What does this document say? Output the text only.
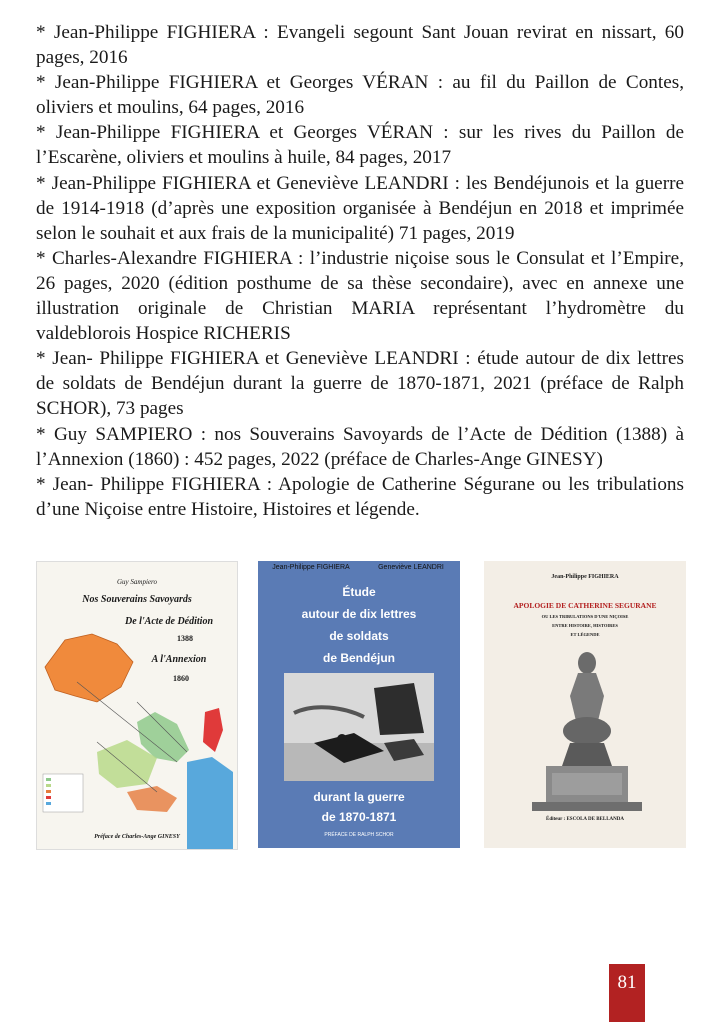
* Jean-Philippe FIGHIERA : Evangeli segount Sant Jouan revirat en nissart, 60 pages, 2016

* Jean-Philippe FIGHIERA et Georges VÉRAN : au fil du Paillon de Contes, oliviers et moulins, 64 pages, 2016

* Jean-Philippe FIGHIERA et Georges VÉRAN : sur les rives du Paillon de l’Escarène, oliviers et moulins à huile, 84 pages, 2017

* Jean-Philippe FIGHIERA et Geneviève LEANDRI : les Bendéjunois et la guerre de 1914-1918 (d’après une exposition organisée à Bendéjun en 2018 et imprimée selon le souhait et aux frais de la municipalité) 71 pages, 2019

* Charles-Alexandre FIGHIERA : l’industrie niçoise sous le Consulat et l’Empire, 26 pages, 2020 (édition posthume de sa thèse secondaire), avec en annexe une illustration originale de Christian MARIA représentant l’hydromètre du valdeblorois Hospice RICHERIS

* Jean- Philippe FIGHIERA et Geneviève LEANDRI : étude autour de dix lettres de soldats de Bendéjun durant la guerre de 1870-1871, 2021 (préface de Ralph SCHOR), 73 pages

* Guy SAMPIERO : nos Souverains Savoyards de l’Acte de Dédition (1388) à l’Annexion (1860) : 452 pages, 2022 (préface de Charles-Ange GINESY)

* Jean- Philippe FIGHIERA : Apologie de Catherine Ségurane ou les tribulations d’une Niçoise entre Histoire, Histoires et légende.

Guy Sampiero
Nos Souverains Savoyards
De l'Acte de Dédition
1388
A l'Annexion
1860
Préface de Charles-Ange GINESY
Jean-Philippe FIGHIERA	Geneviève LEANDRI
Étude
autour de dix lettres
de soldats
de Bendéjun
durant la guerre
de 1870-1871
PRÉFACE DE RALPH SCHOR
Jean-Philippe FIGHIERA
APOLOGIE DE CATHERINE SEGURANE
OU LES TRIBULATIONS D'UNE NIÇOISE
ENTRE HISTOIRE, HISTOIRES
ET LÉGENDE
Éditeur : ESCOLA DE BELLANDA
81
